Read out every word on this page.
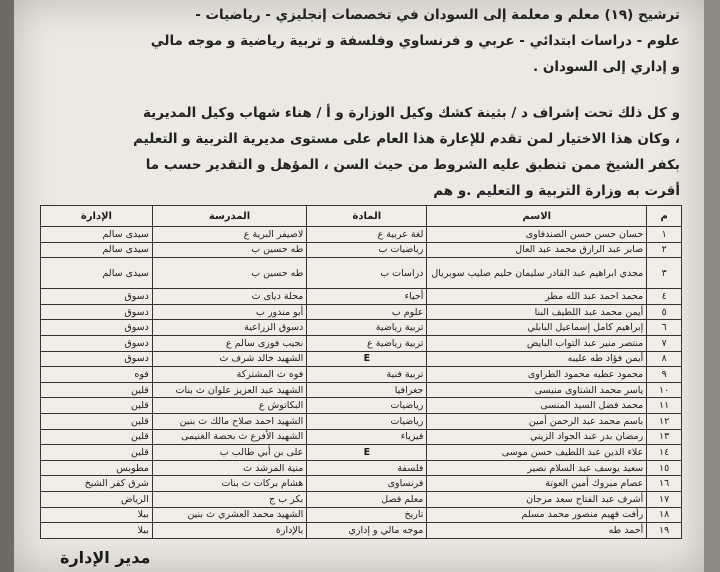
ترشيح (١٩) معلم و معلمة إلى السودان في تخصصات إنجليزي - رياضيات -

علوم - دراسات ابتدائي - عربي و فرنساوي وفلسفة و تربية رياضية و موجه مالي

و إداري إلى السودان .

و كل ذلك تحت إشراف د / بثينة كشك وكيل الوزارة و أ / هناء شهاب وكيل المديرية

، وكان هذا الاختيار لمن تقدم للإعارة هذا العام على مستوى مديرية التربية و التعليم

بكفر الشيخ ممن تنطبق عليه الشروط من حيث السن ، المؤهل و التقدير حسب ما

أقرت به وزارة التربية و التعليم .و هم

م	الاسم	المادة	المدرسة	الإدارة
١	حسان حسن حسن الصندفاوى	لغة عربية ع	لاصيفر البرية ع	سيدى سالم
٢	صابر عبد الرازق محمد عبد العال	رياضيات ب	طه حسين ب	سيدى سالم
٣	مجدي ابراهيم عبد القادر سليمان حليم صليب سوبريال	دراسات ب	طه حسين ب	سيدى سالم
٤	محمد احمد عبد الله مطر	أحياء	محلة دياى ث	دسوق
٥	أيمن محمد عبد اللطيف البنا	علوم ب	أبو مندور ب	دسوق
٦	إبراهيم كامل إسماعيل البابلي	تربية رياضية	دسوق الزراعية	دسوق
٧	منتصر منير عبد التواب البايض	تربية رياضية ع	نجيب فوزى سالم ع	دسوق
٨	أيمن فؤاد طه عليبه	E	الشهيد خالد شرف ث	دسوق
٩	محمود عطيه محمود الطراوى	تربية فنية	فوه ث المشتركة	فوه
١٠	ياسر محمد الشتاوى منيسى	جغرافيا	الشهيد عبد العزيز علوان ث بنات	قلين
١١	محمد فضل السيد المنسى	رياضيات	البكاتوش ع	قلين
١٢	باسم محمد عبد الرحمن أمين	رياضيات	الشهيد احمد صلاح مالك ث بنين	قلين
١٣	رمضان بدر عبد الجواد الزيني	فيزياء	الشهيد الأفرع ث بحصة الغنيمى	قلين
١٤	علاء الدين عبد اللطيف حسن موسى	E	على بن أبي طالب ب	قلين
١٥	سعيد يوسف عبد السلام نصير	فلسفة	منية المرشد ث	مطوبس
١٦	عصام مبروك أمين العوتة	فرنساوى	هشام بركات ث بنات	شرق كفر الشيخ
١٧	أشرف عبد الفتاح سعد مرجان	معلم فصل	بكر ب ج	الرياض
١٨	رأفت فهيم منصور محمد مسلم	تاريخ	الشهيد محمد العشري ث بنين	بيلا
١٩	أحمد طه	موجه مالي و إداري	بالإدارة	بيلا
مدير الإدارة
